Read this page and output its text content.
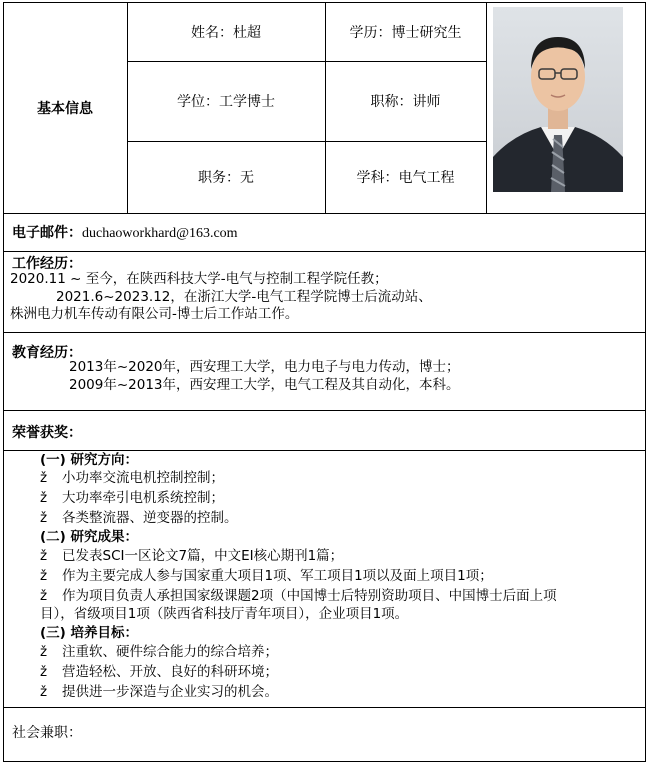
基本信息
姓名：杜超	学历：博士研究生
学位：工学博士	职称：讲师
职务：无	学科：电气工程
电子邮件：duchaoworkhard@163.com
工作经历：
2020.11 ~ 至今，在陕西科技大学-电气与控制工程学院任教；
2021.6~2023.12，在浙江大学-电气工程学院博士后流动站、
株洲电力机车传动有限公司-博士后工作站工作。
教育经历：
2013年~2020年，西安理工大学，电力电子与电力传动，博士；
2009年~2013年，西安理工大学，电气工程及其自动化，本科。
荣誉获奖：
(一) 研究方向：
ž 小功率交流电机控制控制；
ž 大功率牵引电机系统控制；
ž 各类整流器、逆变器的控制。
(二) 研究成果：
ž 已发表SCI一区论文7篇，中文EI核心期刊1篇；
ž 作为主要完成人参与国家重大项目1项、军工项目1项以及面上项目1项；
ž 作为项目负责人承担国家级课题2项（中国博士后特别资助项目、中国博士后面上项
目），省级项目1项（陕西省科技厅青年项目），企业项目1项。
(三) 培养目标：
ž 注重软、硬件综合能力的综合培养；
ž 营造轻松、开放、良好的科研环境；
ž 提供进一步深造与企业实习的机会。
社会兼职：
